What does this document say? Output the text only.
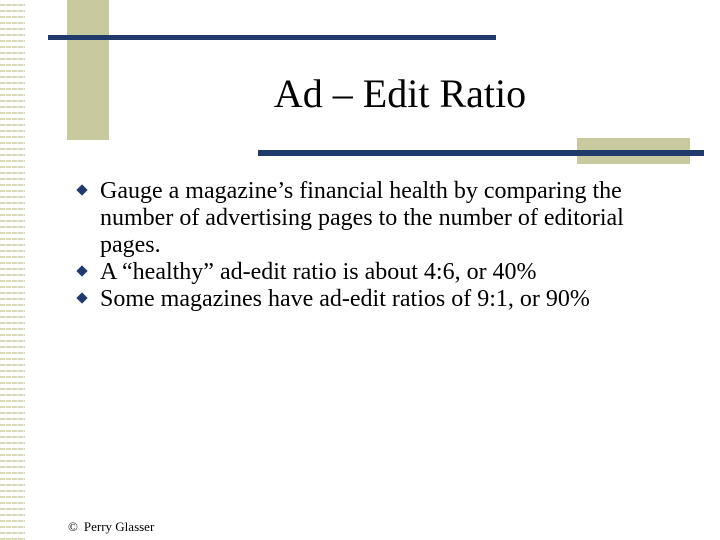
Ad – Edit Ratio
Gauge a magazine’s financial health by comparing the number of advertising pages to the number of editorial pages.
A “healthy” ad-edit ratio is about 4:6, or 40%
Some magazines have ad-edit ratios of 9:1, or 90%
© Perry Glasser
